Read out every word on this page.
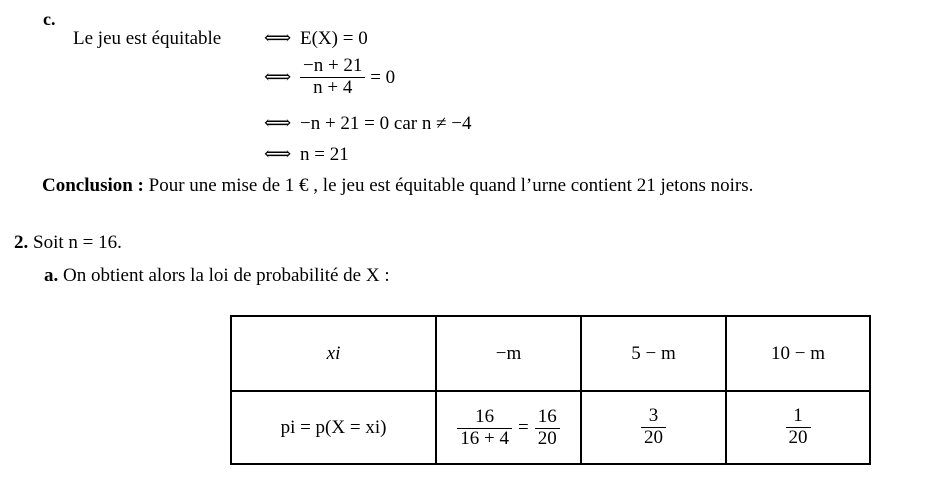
c.
Le jeu est équitable ⟺ E(X) = 0
⟺ $\frac{-n + 21}{n + 4} = 0$
⟺ −n + 21 = 0 car n ≠ −4
⟺ n = 21
Conclusion : Pour une mise de 1 € , le jeu est équitable quand l’urne contient 21 jetons noirs.
2. Soit n = 16.
a. On obtient alors la loi de probabilité de X :
xi	−m	5 − m	10 − m
pi = p(X = xi)	$\frac{16}{16 + 4} = \frac{16}{20}$	$\frac{3}{20}$	$\frac{1}{20}$
